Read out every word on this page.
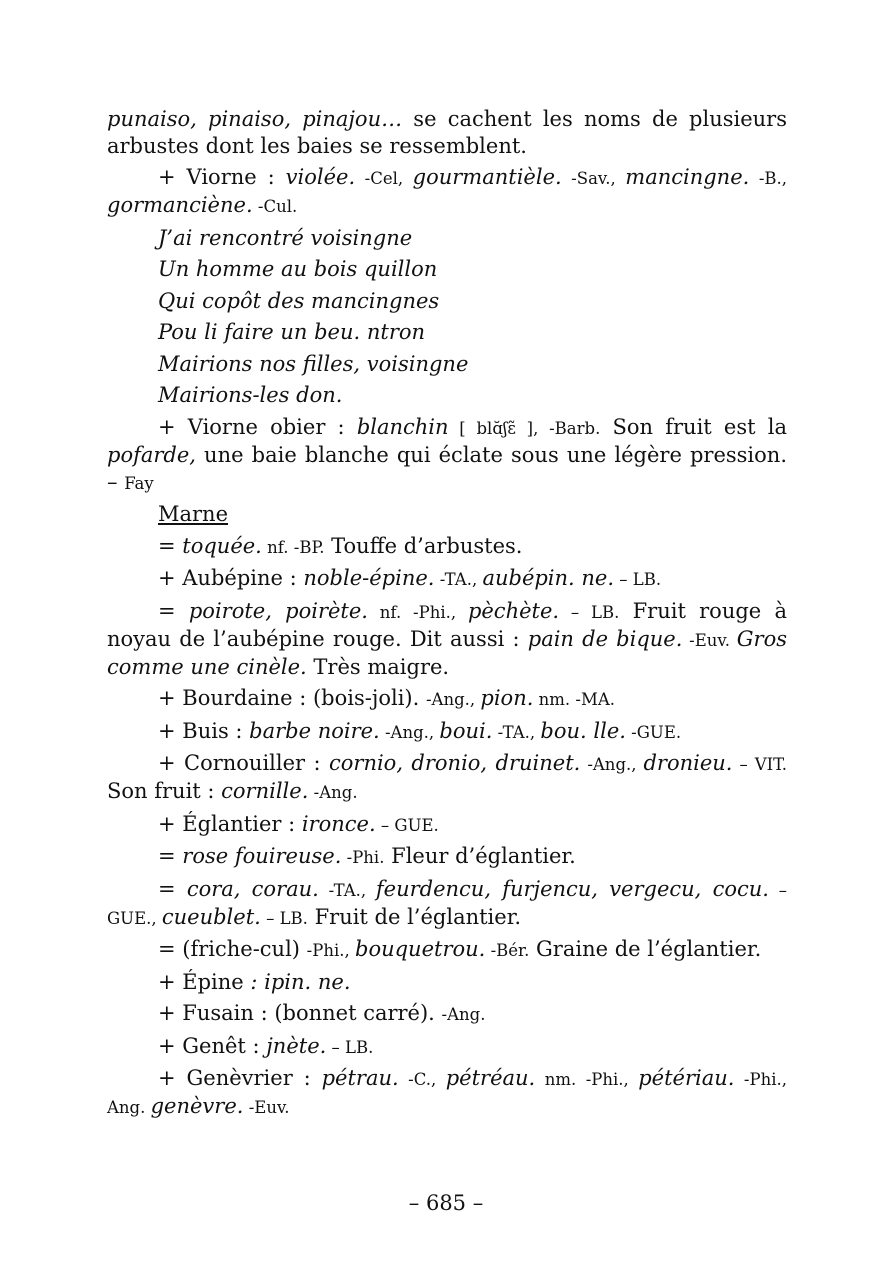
punaiso, pinaiso, pinajou… se cachent les noms de plusieurs arbustes dont les baies se ressemblent.

+ Viorne : violée. -Cel, gourmantièle. -Sav., mancingne. -B., gormanciène. -Cul.

J’ai rencontré voisingne

Un homme au bois quillon

Qui copôt des mancingnes

Pou li faire un beu. ntron

Mairions nos filles, voisingne

Mairions-les don.

+ Viorne obier : blanchin [ blɑ̆ʃɛ̃ ], -Barb. Son fruit est la pofarde, une baie blanche qui éclate sous une légère pression. – Fay

Marne

= toquée. nf. -BP. Touffe d’arbustes.

+ Aubépine : noble-épine. -TA., aubépin. ne. – LB.

= poirote, poirète. nf. -Phi., pèchète. – LB. Fruit rouge à noyau de l’aubépine rouge. Dit aussi : pain de bique. -Euv. Gros comme une cinèle. Très maigre.

+ Bourdaine : (bois-joli). -Ang., pion. nm. -MA.

+ Buis : barbe noire. -Ang., boui. -TA., bou. lle. -GUE.

+ Cornouiller : cornio, dronio, druinet. -Ang., dronieu. – VIT. Son fruit : cornille. -Ang.

+ Églantier : ironce. – GUE.

= rose fouireuse. -Phi. Fleur d’églantier.

= cora, corau. -TA., feurdencu, furjencu, vergecu, cocu. – GUE., cueublet. – LB. Fruit de l’églantier.

= (friche-cul) -Phi., bouquetrou. -Bér. Graine de l’églantier.

+ Épine : ipin. ne.

+ Fusain : (bonnet carré). -Ang.

+ Genêt : jnète. – LB.

+ Genèvrier : pétrau. -C., pétréau. nm. -Phi., pétériau. -Phi., Ang. genèvre. -Euv.

– 685 –
